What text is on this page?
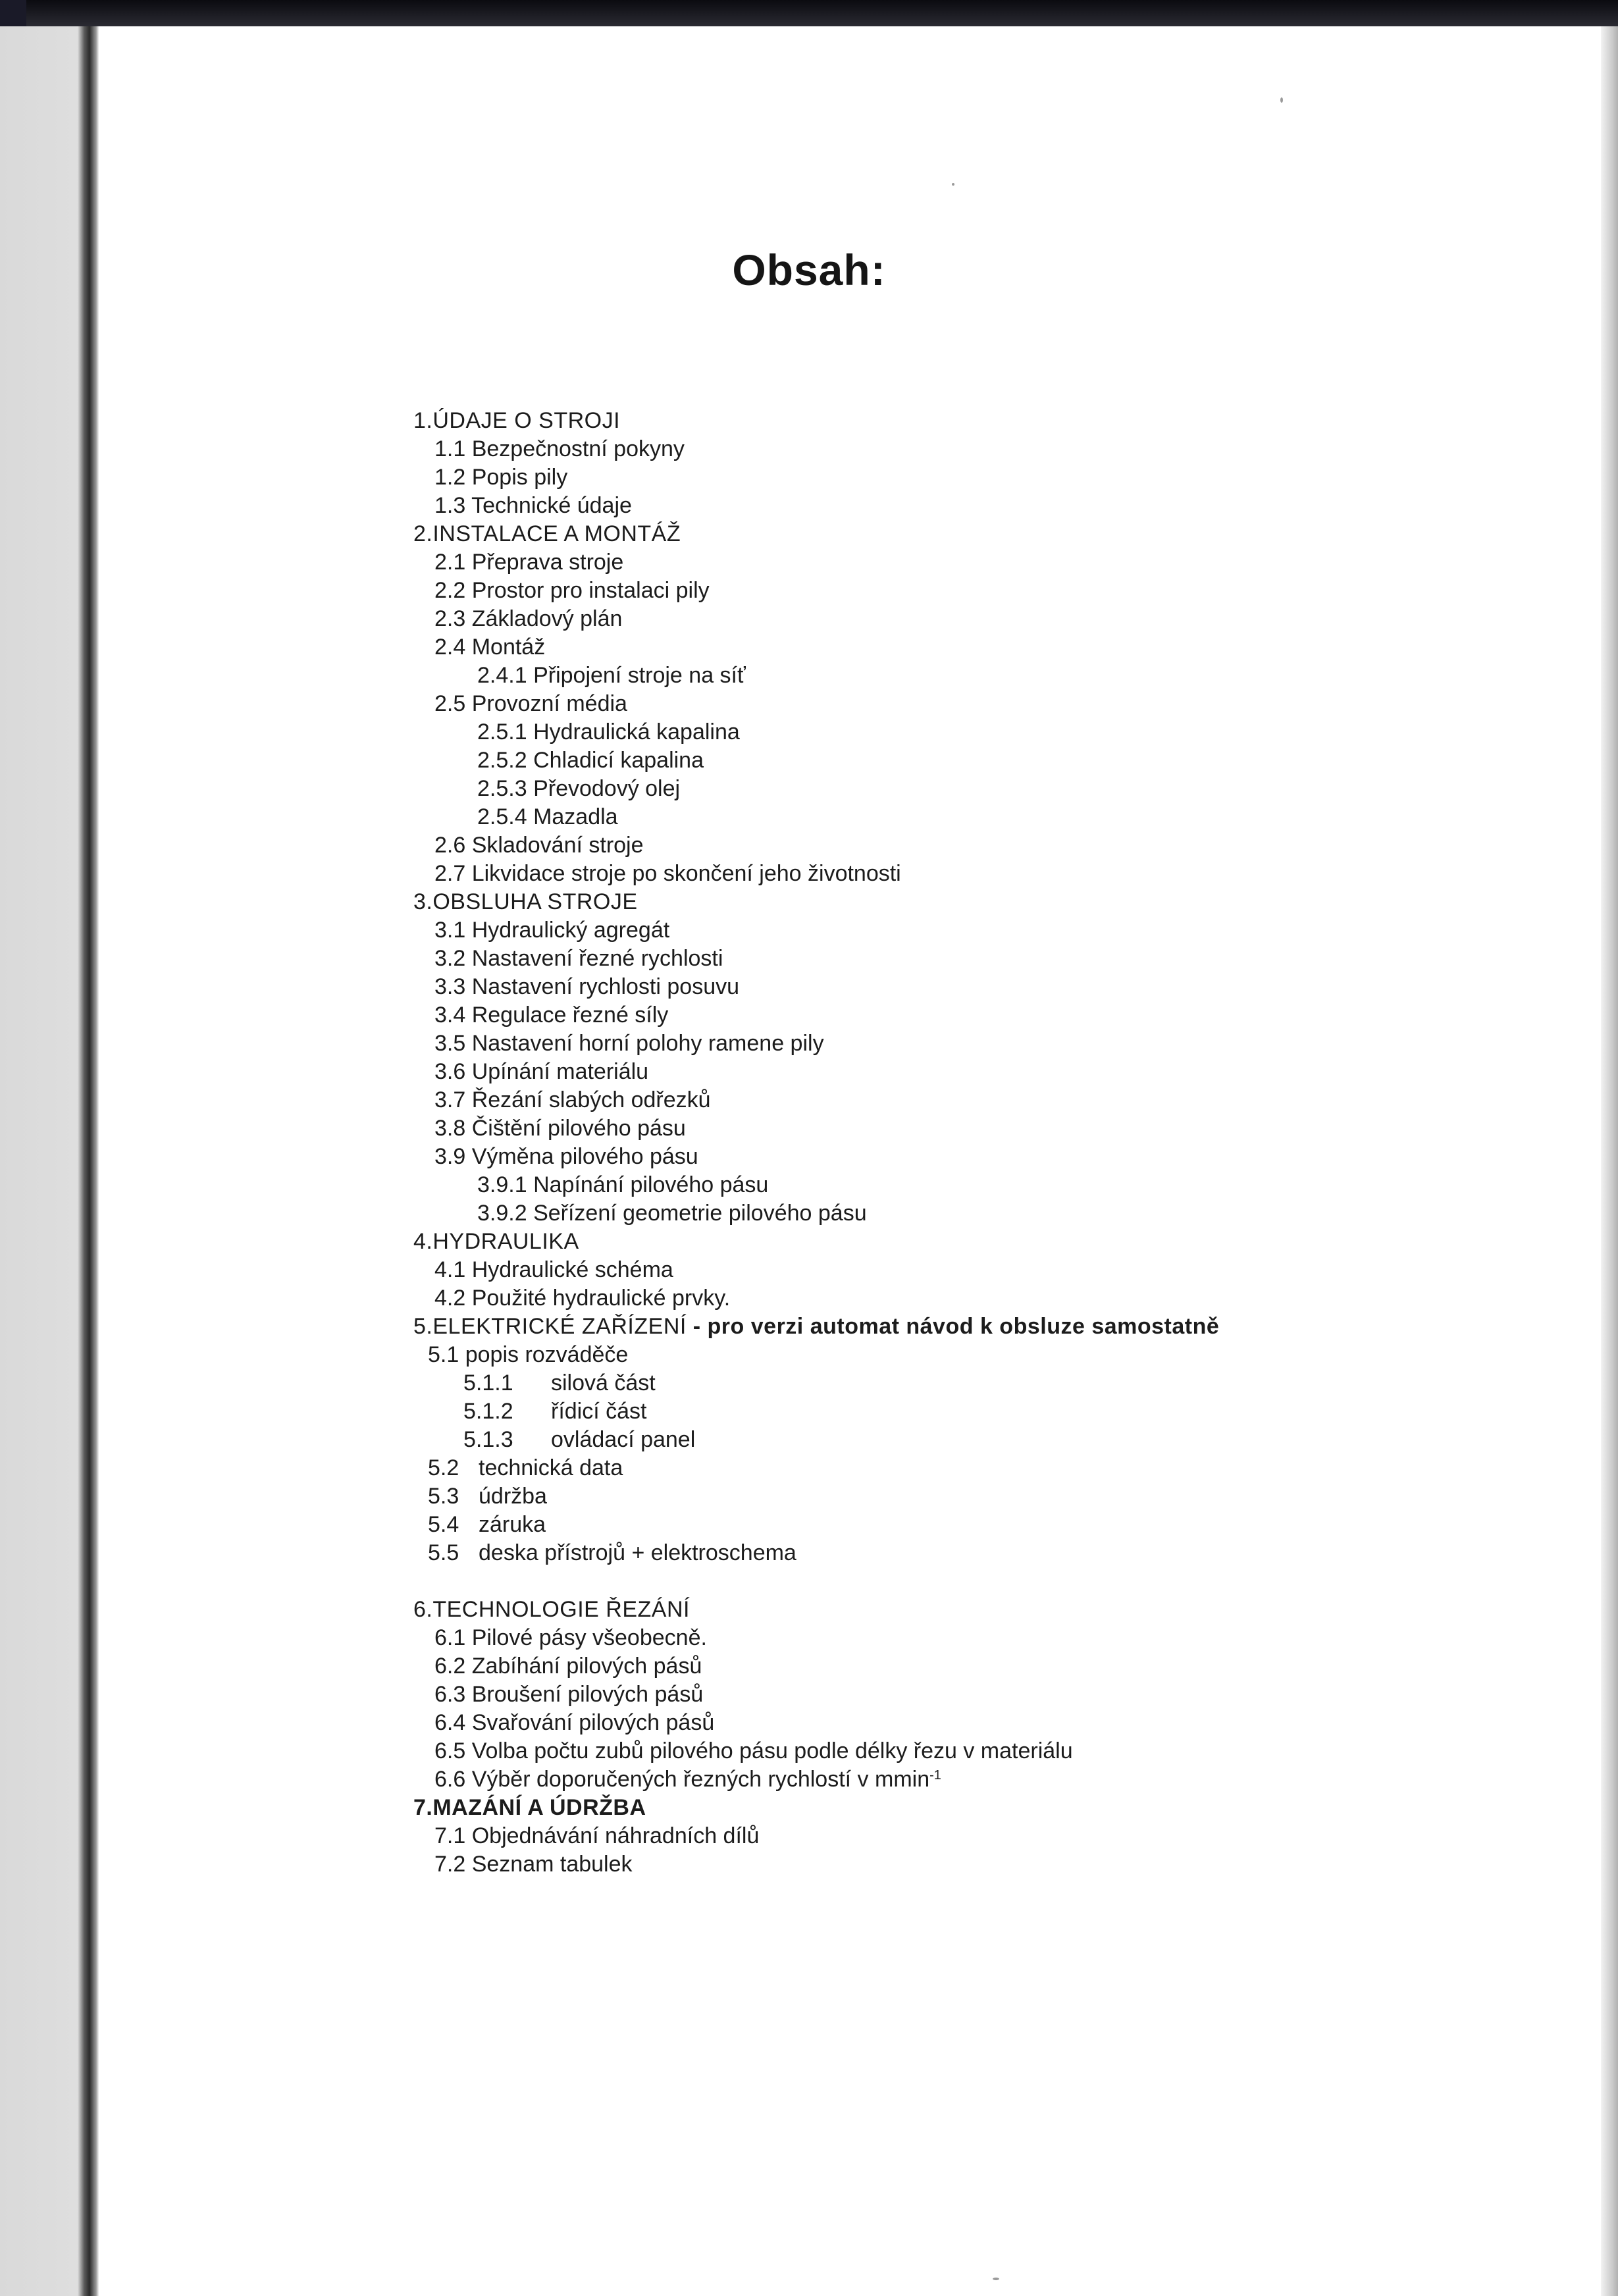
Obsah:
1.ÚDAJE O STROJI
1.1 Bezpečnostní pokyny
1.2 Popis pily
1.3 Technické údaje
2.INSTALACE A MONTÁŽ
2.1 Přeprava stroje
2.2 Prostor pro instalaci pily
2.3 Základový plán
2.4 Montáž
2.4.1 Připojení stroje na síť
2.5 Provozní média
2.5.1 Hydraulická kapalina
2.5.2 Chladicí kapalina
2.5.3 Převodový olej
2.5.4 Mazadla
2.6 Skladování stroje
2.7 Likvidace stroje po skončení jeho životnosti
3.OBSLUHA STROJE
3.1 Hydraulický agregát
3.2 Nastavení řezné rychlosti
3.3 Nastavení rychlosti posuvu
3.4 Regulace řezné síly
3.5 Nastavení horní polohy ramene pily
3.6 Upínání materiálu
3.7 Řezání slabých odřezků
3.8 Čištění pilového pásu
3.9 Výměna pilového pásu
3.9.1 Napínání pilového pásu
3.9.2 Seřízení geometrie pilového pásu
4.HYDRAULIKA
4.1 Hydraulické schéma
4.2 Použité hydraulické prvky.
5.ELEKTRICKÉ ZAŘÍZENÍ - pro verzi automat návod k obsluze samostatně
5.1 popis rozváděče
5.1.1 silová část
5.1.2 řídicí část
5.1.3 ovládací panel
5.2 technická data
5.3 údržba
5.4 záruka
5.5 deska přístrojů + elektroschema
6.TECHNOLOGIE ŘEZÁNÍ
6.1 Pilové pásy všeobecně.
6.2 Zabíhání pilových pásů
6.3 Broušení pilových pásů
6.4 Svařování pilových pásů
6.5 Volba počtu zubů pilového pásu podle délky řezu v materiálu
6.6 Výběr doporučených řezných rychlostí v mmin$^{-1}$
7.MAZÁNÍ A ÚDRŽBA
7.1 Objednávání náhradních dílů
7.2 Seznam tabulek
